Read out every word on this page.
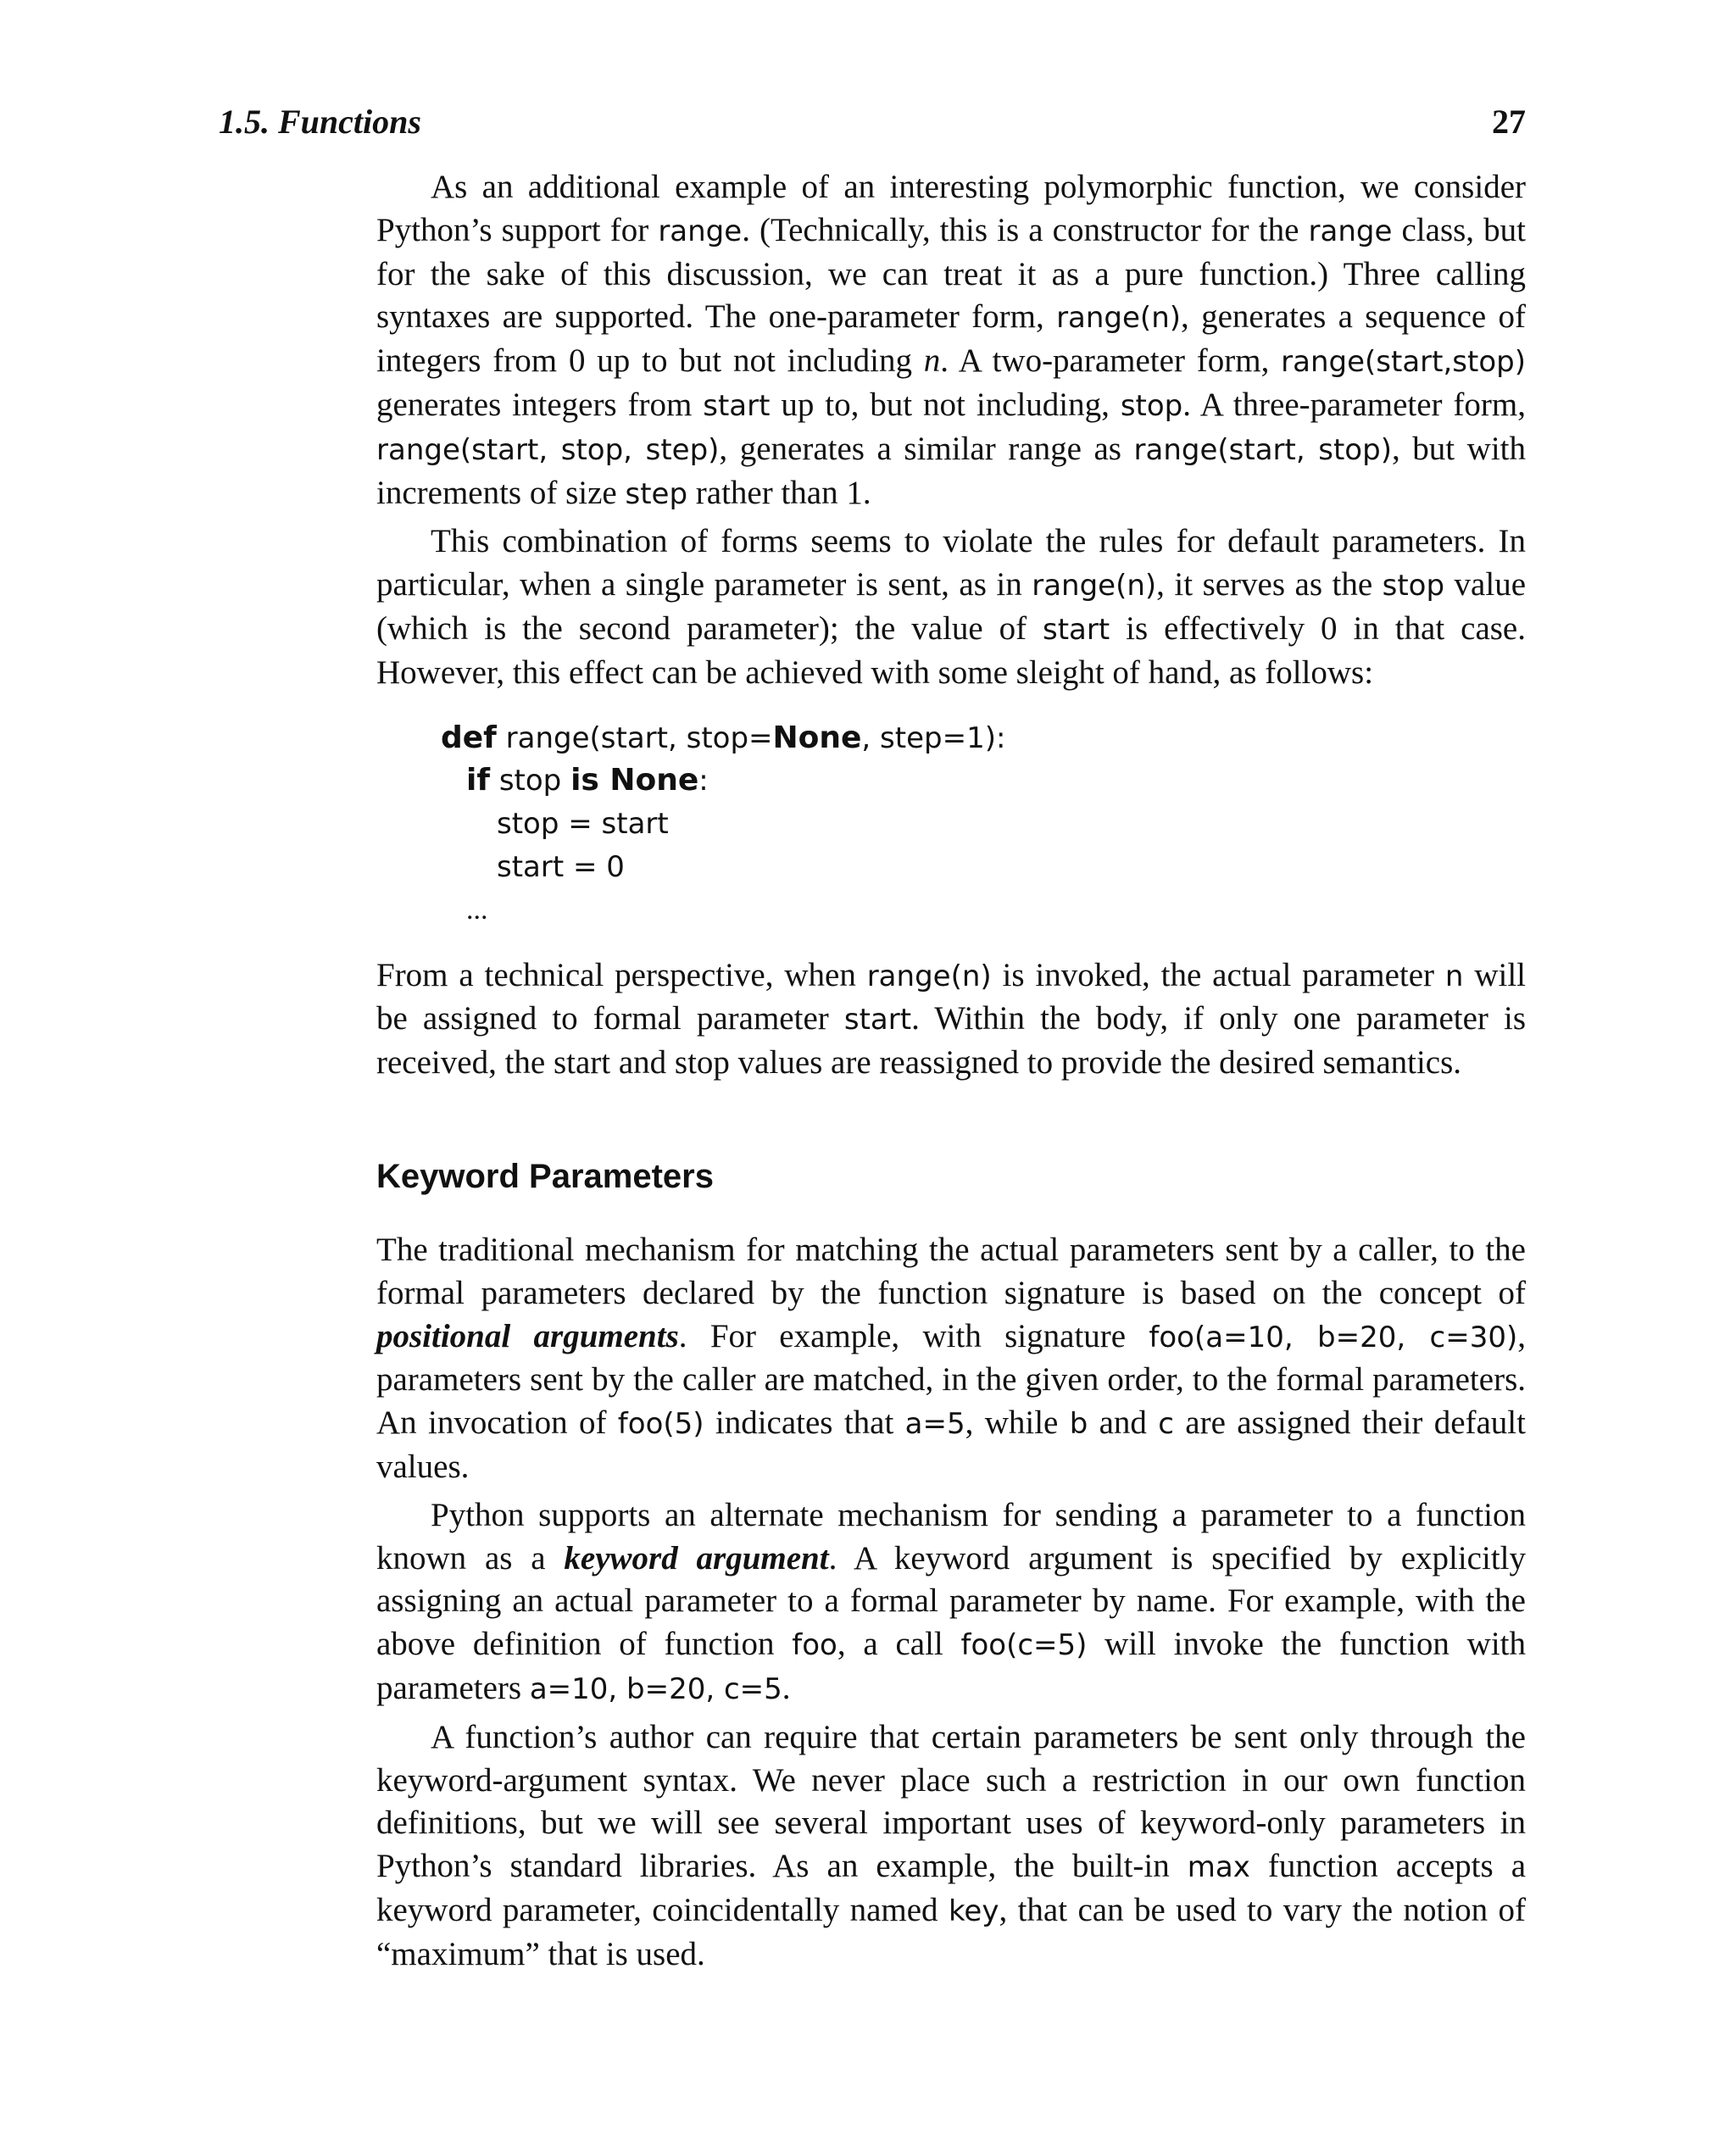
1.5. Functions	27

As an additional example of an interesting polymorphic function, we consider Python’s support for range. (Technically, this is a constructor for the range class, but for the sake of this discussion, we can treat it as a pure function.) Three calling syntaxes are supported. The one-parameter form, range(n), generates a sequence of integers from 0 up to but not including n. A two-parameter form, range(start,stop) generates integers from start up to, but not including, stop. A three-parameter form, range(start, stop, step), generates a similar range as range(start, stop), but with increments of size step rather than 1.

This combination of forms seems to violate the rules for default parameters. In particular, when a single parameter is sent, as in range(n), it serves as the stop value (which is the second parameter); the value of start is effectively 0 in that case. However, this effect can be achieved with some sleight of hand, as follows:

def range(start, stop=None, step=1):
if stop is None:
stop = start
start = 0
...

From a technical perspective, when range(n) is invoked, the actual parameter n will be assigned to formal parameter start. Within the body, if only one parameter is received, the start and stop values are reassigned to provide the desired semantics.

Keyword Parameters

The traditional mechanism for matching the actual parameters sent by a caller, to the formal parameters declared by the function signature is based on the concept of positional arguments. For example, with signature foo(a=10, b=20, c=30), parameters sent by the caller are matched, in the given order, to the formal parameters. An invocation of foo(5) indicates that a=5, while b and c are assigned their default values.

Python supports an alternate mechanism for sending a parameter to a function known as a keyword argument. A keyword argument is specified by explicitly assigning an actual parameter to a formal parameter by name. For example, with the above definition of function foo, a call foo(c=5) will invoke the function with parameters a=10, b=20, c=5.

A function’s author can require that certain parameters be sent only through the keyword-argument syntax. We never place such a restriction in our own function definitions, but we will see several important uses of keyword-only parameters in Python’s standard libraries. As an example, the built-in max function accepts a keyword parameter, coincidentally named key, that can be used to vary the notion of “maximum” that is used.
